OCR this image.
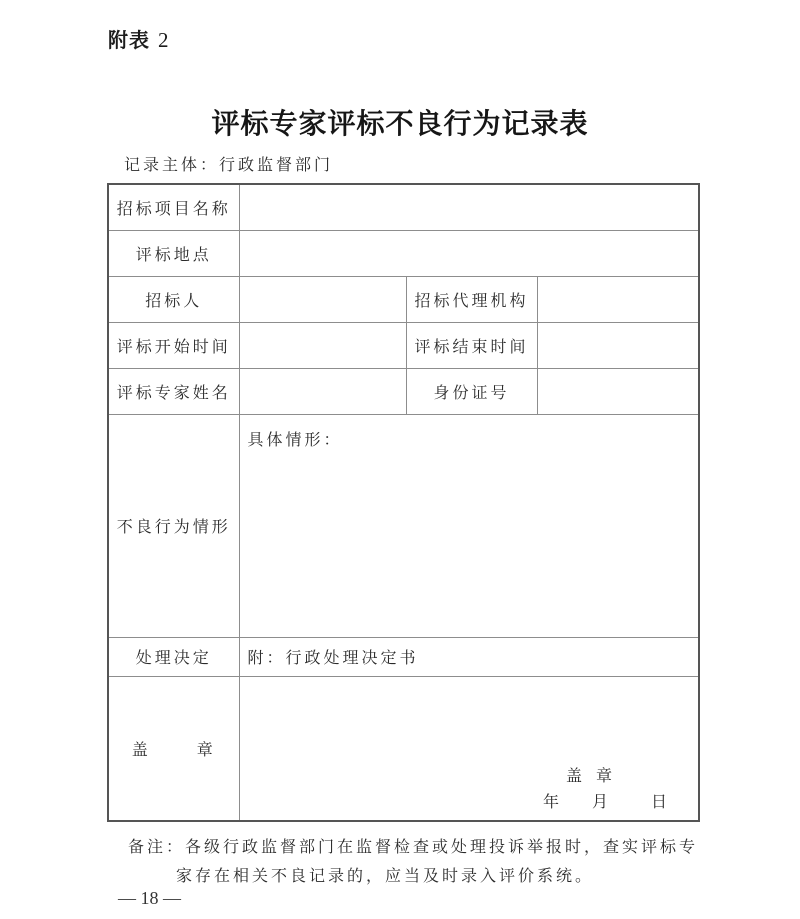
附表 2
评标专家评标不良行为记录表
记录主体：行政监督部门
招标项目名称			
评标地点			
招标人		招标代理机构	
评标开始时间		评标结束时间	
评标专家姓名		身份证号	
不良行为情形	具体情形：		
处理决定	附：行政处理决定书		
盖 章	盖章
年 月 日		
备注：各级行政监督部门在监督检查或处理投诉举报时，查实评标专
家存在相关不良记录的，应当及时录入评价系统。
— 18 —
